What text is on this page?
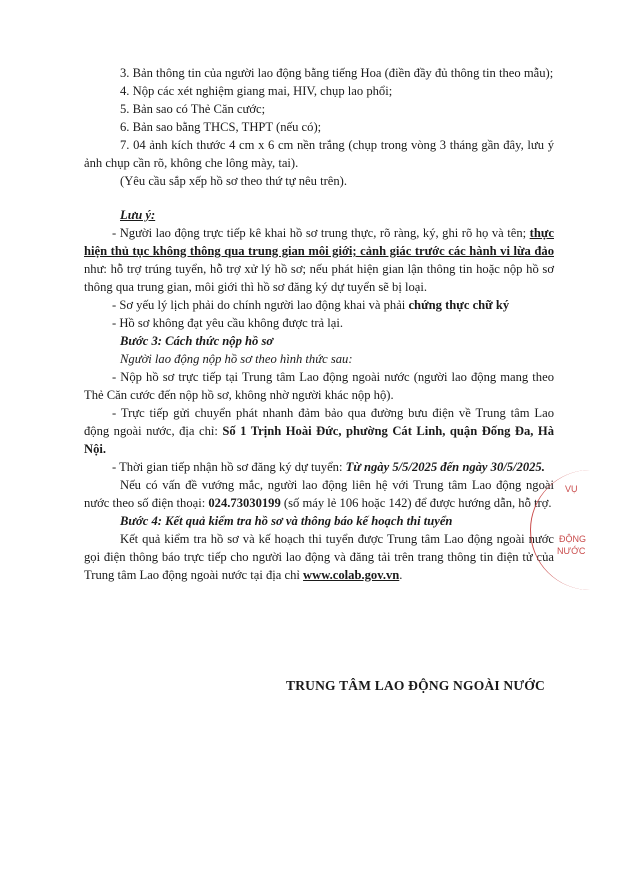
3. Bản thông tin của người lao động bằng tiếng Hoa (điền đầy đủ thông tin theo mẫu);

4. Nộp các xét nghiệm giang mai, HIV, chụp lao phổi;

5. Bản sao có Thẻ Căn cước;

6. Bản sao bằng THCS, THPT (nếu có);

7. 04 ảnh kích thước 4 cm x 6 cm nền trắng (chụp trong vòng 3 tháng gần đây, lưu ý ảnh chụp cần rõ, không che lông mày, tai).

(Yêu cầu sắp xếp hồ sơ theo thứ tự nêu trên).

Lưu ý:

- Người lao động trực tiếp kê khai hồ sơ trung thực, rõ ràng, ký, ghi rõ họ và tên; thực hiện thủ tục không thông qua trung gian môi giới; cảnh giác trước các hành vi lừa đảo như: hỗ trợ trúng tuyển, hỗ trợ xử lý hồ sơ; nếu phát hiện gian lận thông tin hoặc nộp hồ sơ thông qua trung gian, môi giới thì hồ sơ đăng ký dự tuyển sẽ bị loại.

- Sơ yếu lý lịch phải do chính người lao động khai và phải chứng thực chữ ký

- Hồ sơ không đạt yêu cầu không được trả lại.

Bước 3: Cách thức nộp hồ sơ

Người lao động nộp hồ sơ theo hình thức sau:

- Nộp hồ sơ trực tiếp tại Trung tâm Lao động ngoài nước (người lao động mang theo Thẻ Căn cước đến nộp hồ sơ, không nhờ người khác nộp hộ).

- Trực tiếp gửi chuyển phát nhanh đảm bảo qua đường bưu điện về Trung tâm Lao động ngoài nước, địa chỉ: Số 1 Trịnh Hoài Đức, phường Cát Linh, quận Đống Đa, Hà Nội.

- Thời gian tiếp nhận hồ sơ đăng ký dự tuyển: Từ ngày 5/5/2025 đến ngày 30/5/2025.

Nếu có vấn đề vướng mắc, người lao động liên hệ với Trung tâm Lao động ngoài nước theo số điện thoại: 024.73030199 (số máy lẻ 106 hoặc 142) để được hướng dẫn, hỗ trợ.

Bước 4: Kết quả kiểm tra hồ sơ và thông báo kế hoạch thi tuyển

Kết quả kiểm tra hồ sơ và kế hoạch thi tuyển được Trung tâm Lao động ngoài nước gọi điện thông báo trực tiếp cho người lao động và đăng tải trên trang thông tin điện tử của Trung tâm Lao động ngoài nước tại địa chỉ www.colab.gov.vn.

TRUNG TÂM LAO ĐỘNG NGOÀI NƯỚC
VỤ
ĐỘNG
NƯỚC
